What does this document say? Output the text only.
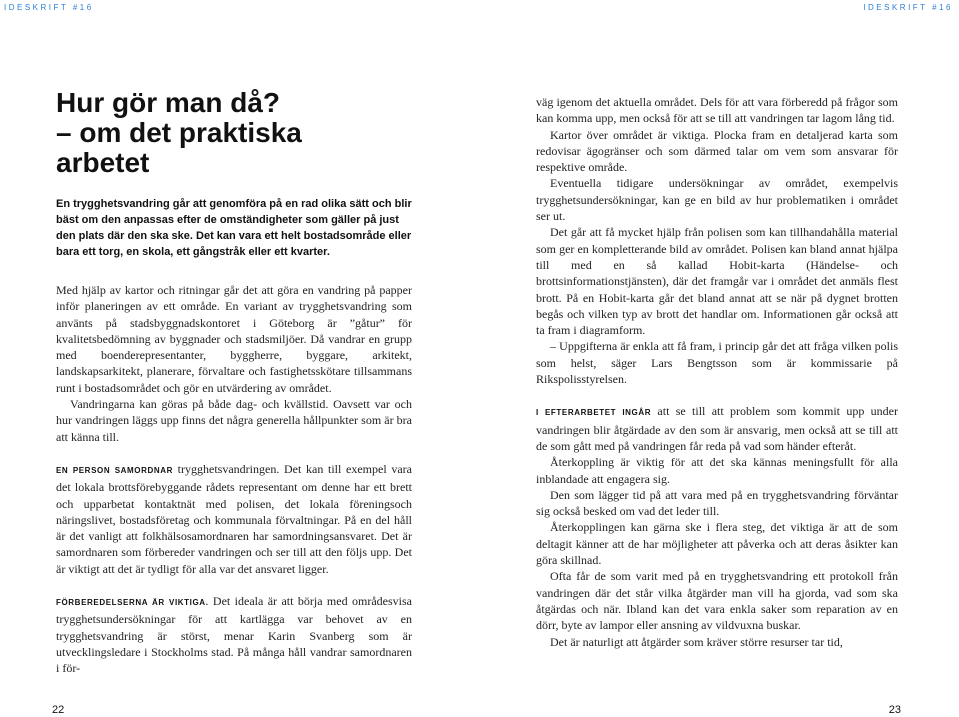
IDESKRIFT #16
Hur gör man då?
– om det praktiska
arbetet

En trygghetsvandring går att genomföra på en rad olika sätt och blir bäst om den anpassas efter de omständigheter som gäller på just den plats där den ska ske. Det kan vara ett helt bostadsområde eller bara ett torg, en skola, ett gångstråk eller ett kvarter.

Med hjälp av kartor och ritningar går det att göra en vandring på papper inför planeringen av ett område. En variant av trygghetsvandring som använts på stadsbyggnadskontoret i Göteborg är ”gåtur” för kvalitetsbedömning av byggnader och stadsmiljöer. Då vandrar en grupp med boenderepresentanter, byggherre, byggare, arkitekt, landskapsarkitekt, planerare, förvaltare och fastighetsskötare tillsammans runt i bostadsområdet och gör en utvärdering av området.

Vandringarna kan göras på både dag- och kvällstid. Oavsett var och hur vandringen läggs upp finns det några generella hållpunkter som är bra att känna till.

EN PERSON SAMORDNAR trygghetsvandringen. Det kan till exempel vara det lokala brottsförebyggande rådets representant om denne har ett brett och upparbetat kontaktnät med polisen, det lokala föreningsoch näringslivet, bostadsföretag och kommunala förvaltningar. På en del håll är det vanligt att folkhälsosamordnaren har samordningsansvaret. Det är samordnaren som förbereder vandringen och ser till att den följs upp. Det är viktigt att det är tydligt för alla var det ansvaret ligger.

FÖRBEREDELSERNA ÄR VIKTIGA. Det ideala är att börja med områdesvisa trygghetsundersökningar för att kartlägga var behovet av en trygghetsvandring är störst, menar Karin Svanberg som är utvecklingsledare i Stockholms stad. På många håll vandrar samordnaren i för-

22
IDESKRIFT #16

väg igenom det aktuella området. Dels för att vara förberedd på frågor som kan komma upp, men också för att se till att vandringen tar lagom lång tid.

Kartor över området är viktiga. Plocka fram en detaljerad karta som redovisar ägogränser och som därmed talar om vem som ansvarar för respektive område.

Eventuella tidigare undersökningar av området, exempelvis trygghetsundersökningar, kan ge en bild av hur problematiken i området ser ut.

Det går att få mycket hjälp från polisen som kan tillhandahålla material som ger en kompletterande bild av området. Polisen kan bland annat hjälpa till med en så kallad Hobit-karta (Händelse- och brottsinformationstjänsten), där det framgår var i området det anmäls flest brott. På en Hobit-karta går det bland annat att se när på dygnet brotten begås och vilken typ av brott det handlar om. Informationen går också att ta fram i diagramform.

– Uppgifterna är enkla att få fram, i princip går det att fråga vilken polis som helst, säger Lars Bengtsson som är kommissarie på Rikspolisstyrelsen.

I EFTERARBETET INGÅR att se till att problem som kommit upp under vandringen blir åtgärdade av den som är ansvarig, men också att se till att de som gått med på vandringen får reda på vad som händer efteråt.

Återkoppling är viktig för att det ska kännas meningsfullt för alla inblandade att engagera sig.

Den som lägger tid på att vara med på en trygghetsvandring förväntar sig också besked om vad det leder till.

Återkopplingen kan gärna ske i flera steg, det viktiga är att de som deltagit känner att de har möjligheter att påverka och att deras åsikter kan göra skillnad.

Ofta får de som varit med på en trygghetsvandring ett protokoll från vandringen där det står vilka åtgärder man vill ha gjorda, vad som ska åtgärdas och när. Ibland kan det vara enkla saker som reparation av en dörr, byte av lampor eller ansning av vildvuxna buskar.

Det är naturligt att åtgärder som kräver större resurser tar tid,

23
